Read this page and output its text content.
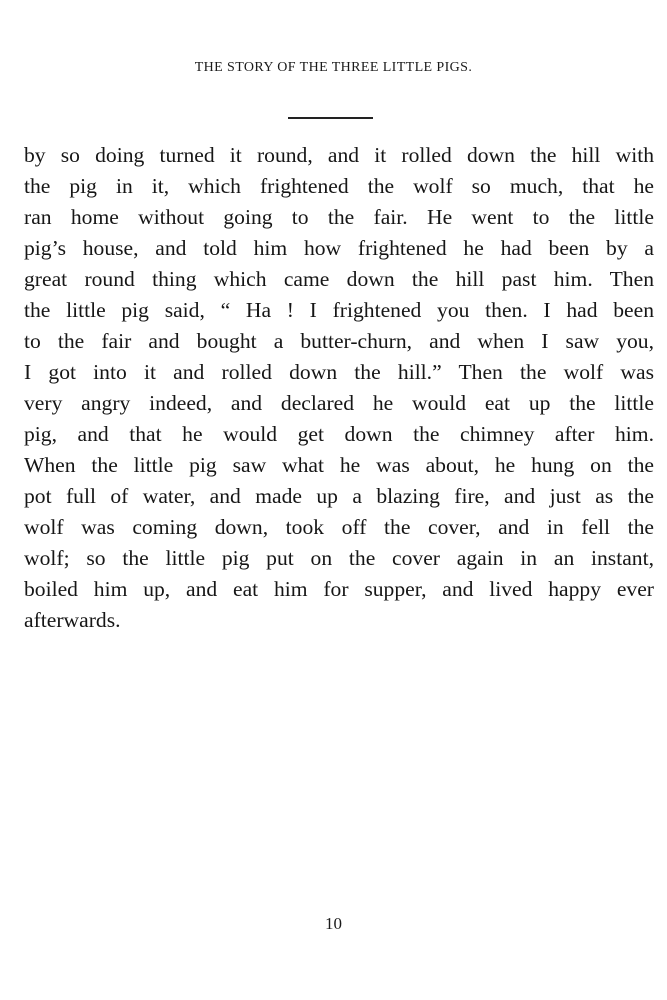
THE STORY OF THE THREE LITTLE PIGS.
by so doing turned it round, and it rolled down the hill with
the pig in it, which frightened the wolf so much, that he
ran home without going to the fair. He went to the little
pig’s house, and told him how frightened he had been by a
great round thing which came down the hill past him. Then
the little pig said, “ Ha ! I frightened you then. I had been
to the fair and bought a butter-churn, and when I saw you,
I got into it and rolled down the hill.” Then the wolf was
very angry indeed, and declared he would eat up the little
pig, and that he would get down the chimney after him.
When the little pig saw what he was about, he hung on the
pot full of water, and made up a blazing fire, and just as the
wolf was coming down, took off the cover, and in fell the
wolf; so the little pig put on the cover again in an instant,
boiled him up, and eat him for supper, and lived happy ever
afterwards.
10
